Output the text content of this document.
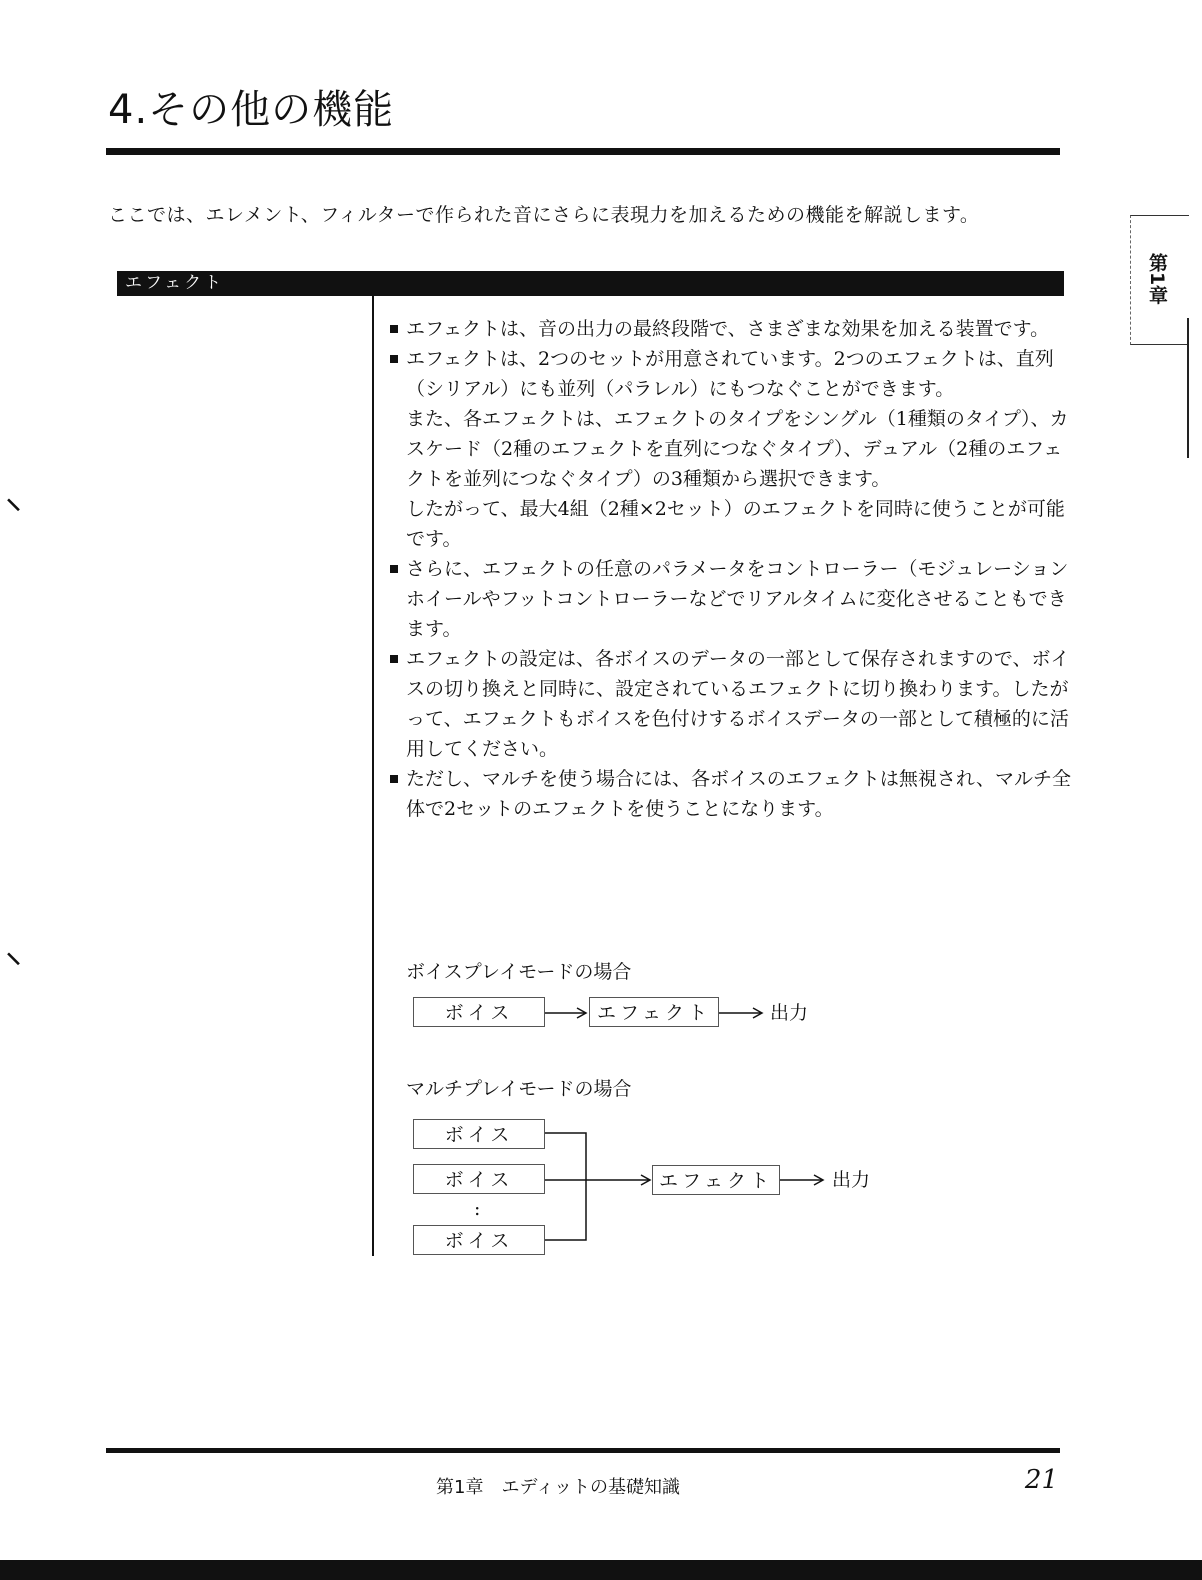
4.その他の機能
ここでは、エレメント、フィルターで作られた音にさらに表現力を加えるための機能を解説します。
第1章
エフェクト
エフェクトは、音の出力の最終段階で、さまざまな効果を加える装置です。
エフェクトは、2つのセットが用意されています。2つのエフェクトは、直列（シリアル）にも並列（パラレル）にもつなぐことができます。
また、各エフェクトは、エフェクトのタイプをシングル（1種類のタイプ）、カスケード（2種のエフェクトを直列につなぐタイプ）、デュアル（2種のエフェクトを並列につなぐタイプ）の3種類から選択できます。
したがって、最大4組（2種×2セット）のエフェクトを同時に使うことが可能です。
さらに、エフェクトの任意のパラメータをコントローラー（モジュレーションホイールやフットコントローラーなどでリアルタイムに変化させることもできます。
エフェクトの設定は、各ボイスのデータの一部として保存されますので、ボイスの切り換えと同時に、設定されているエフェクトに切り換わります。したがって、エフェクトもボイスを色付けするボイスデータの一部として積極的に活用してください。
ただし、マルチを使う場合には、各ボイスのエフェクトは無視され、マルチ全体で2セットのエフェクトを使うことになります。
ボイスプレイモードの場合
ボイス	エフェクト	出力
マルチプレイモードの場合
ボイス
ボイス
:
ボイス
エフェクト	出力
⸜
⸜
第1章　エディットの基礎知識	21
